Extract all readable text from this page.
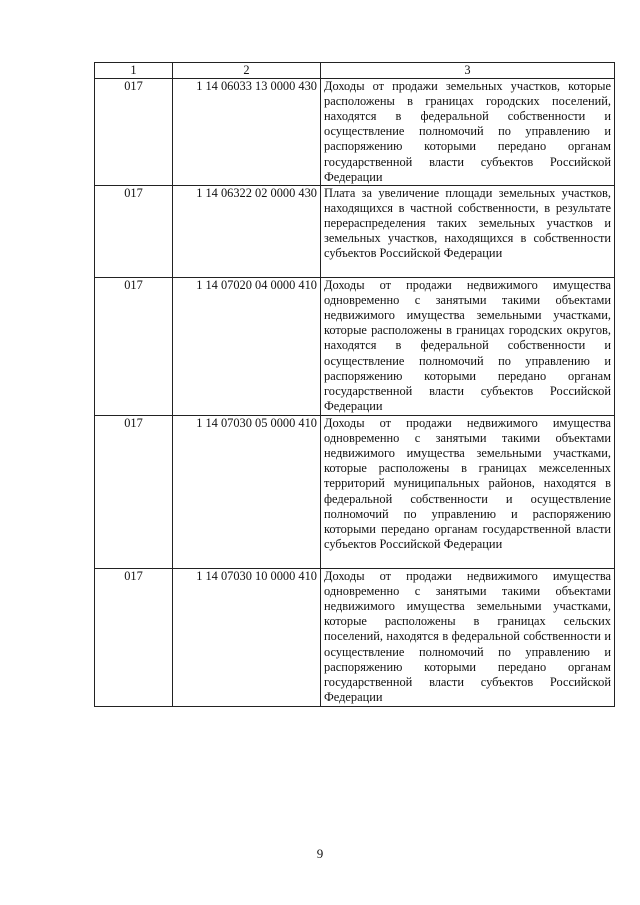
1	2	3
017	1 14 06033 13 0000 430	Доходы от продажи земельных участков, которые расположены в границах городских поселений, находятся в федеральной собственности и осуществление полномочий по управлению и распоряжению которыми передано органам государственной власти субъектов Российской Федерации
017	1 14 06322 02 0000 430	Плата за увеличение площади земельных участков, находящихся в частной собственности, в результате перераспределения таких земельных участков и земельных участков, находящихся в собственности субъектов Российской Федерации
017	1 14 07020 04 0000 410	Доходы от продажи недвижимого имущества одновременно с занятыми такими объектами недвижимого имущества земельными участками, которые расположены в границах городских округов, находятся в федеральной собственности и осуществление полномочий по управлению и распоряжению которыми передано органам государственной власти субъектов Российской Федерации
017	1 14 07030 05 0000 410	Доходы от продажи недвижимого имущества одновременно с занятыми такими объектами недвижимого имущества земельными участками, которые расположены в границах межселенных территорий муниципальных районов, находятся в федеральной собственности и осуществление полномочий по управлению и распоряжению которыми передано органам государственной власти субъектов Российской Федерации
017	1 14 07030 10 0000 410	Доходы от продажи недвижимого имущества одновременно с занятыми такими объектами недвижимого имущества земельными участками, которые расположены в границах сельских поселений, находятся в федеральной собственности и осуществление полномочий по управлению и распоряжению которыми передано органам государственной власти субъектов Российской Федерации
9
